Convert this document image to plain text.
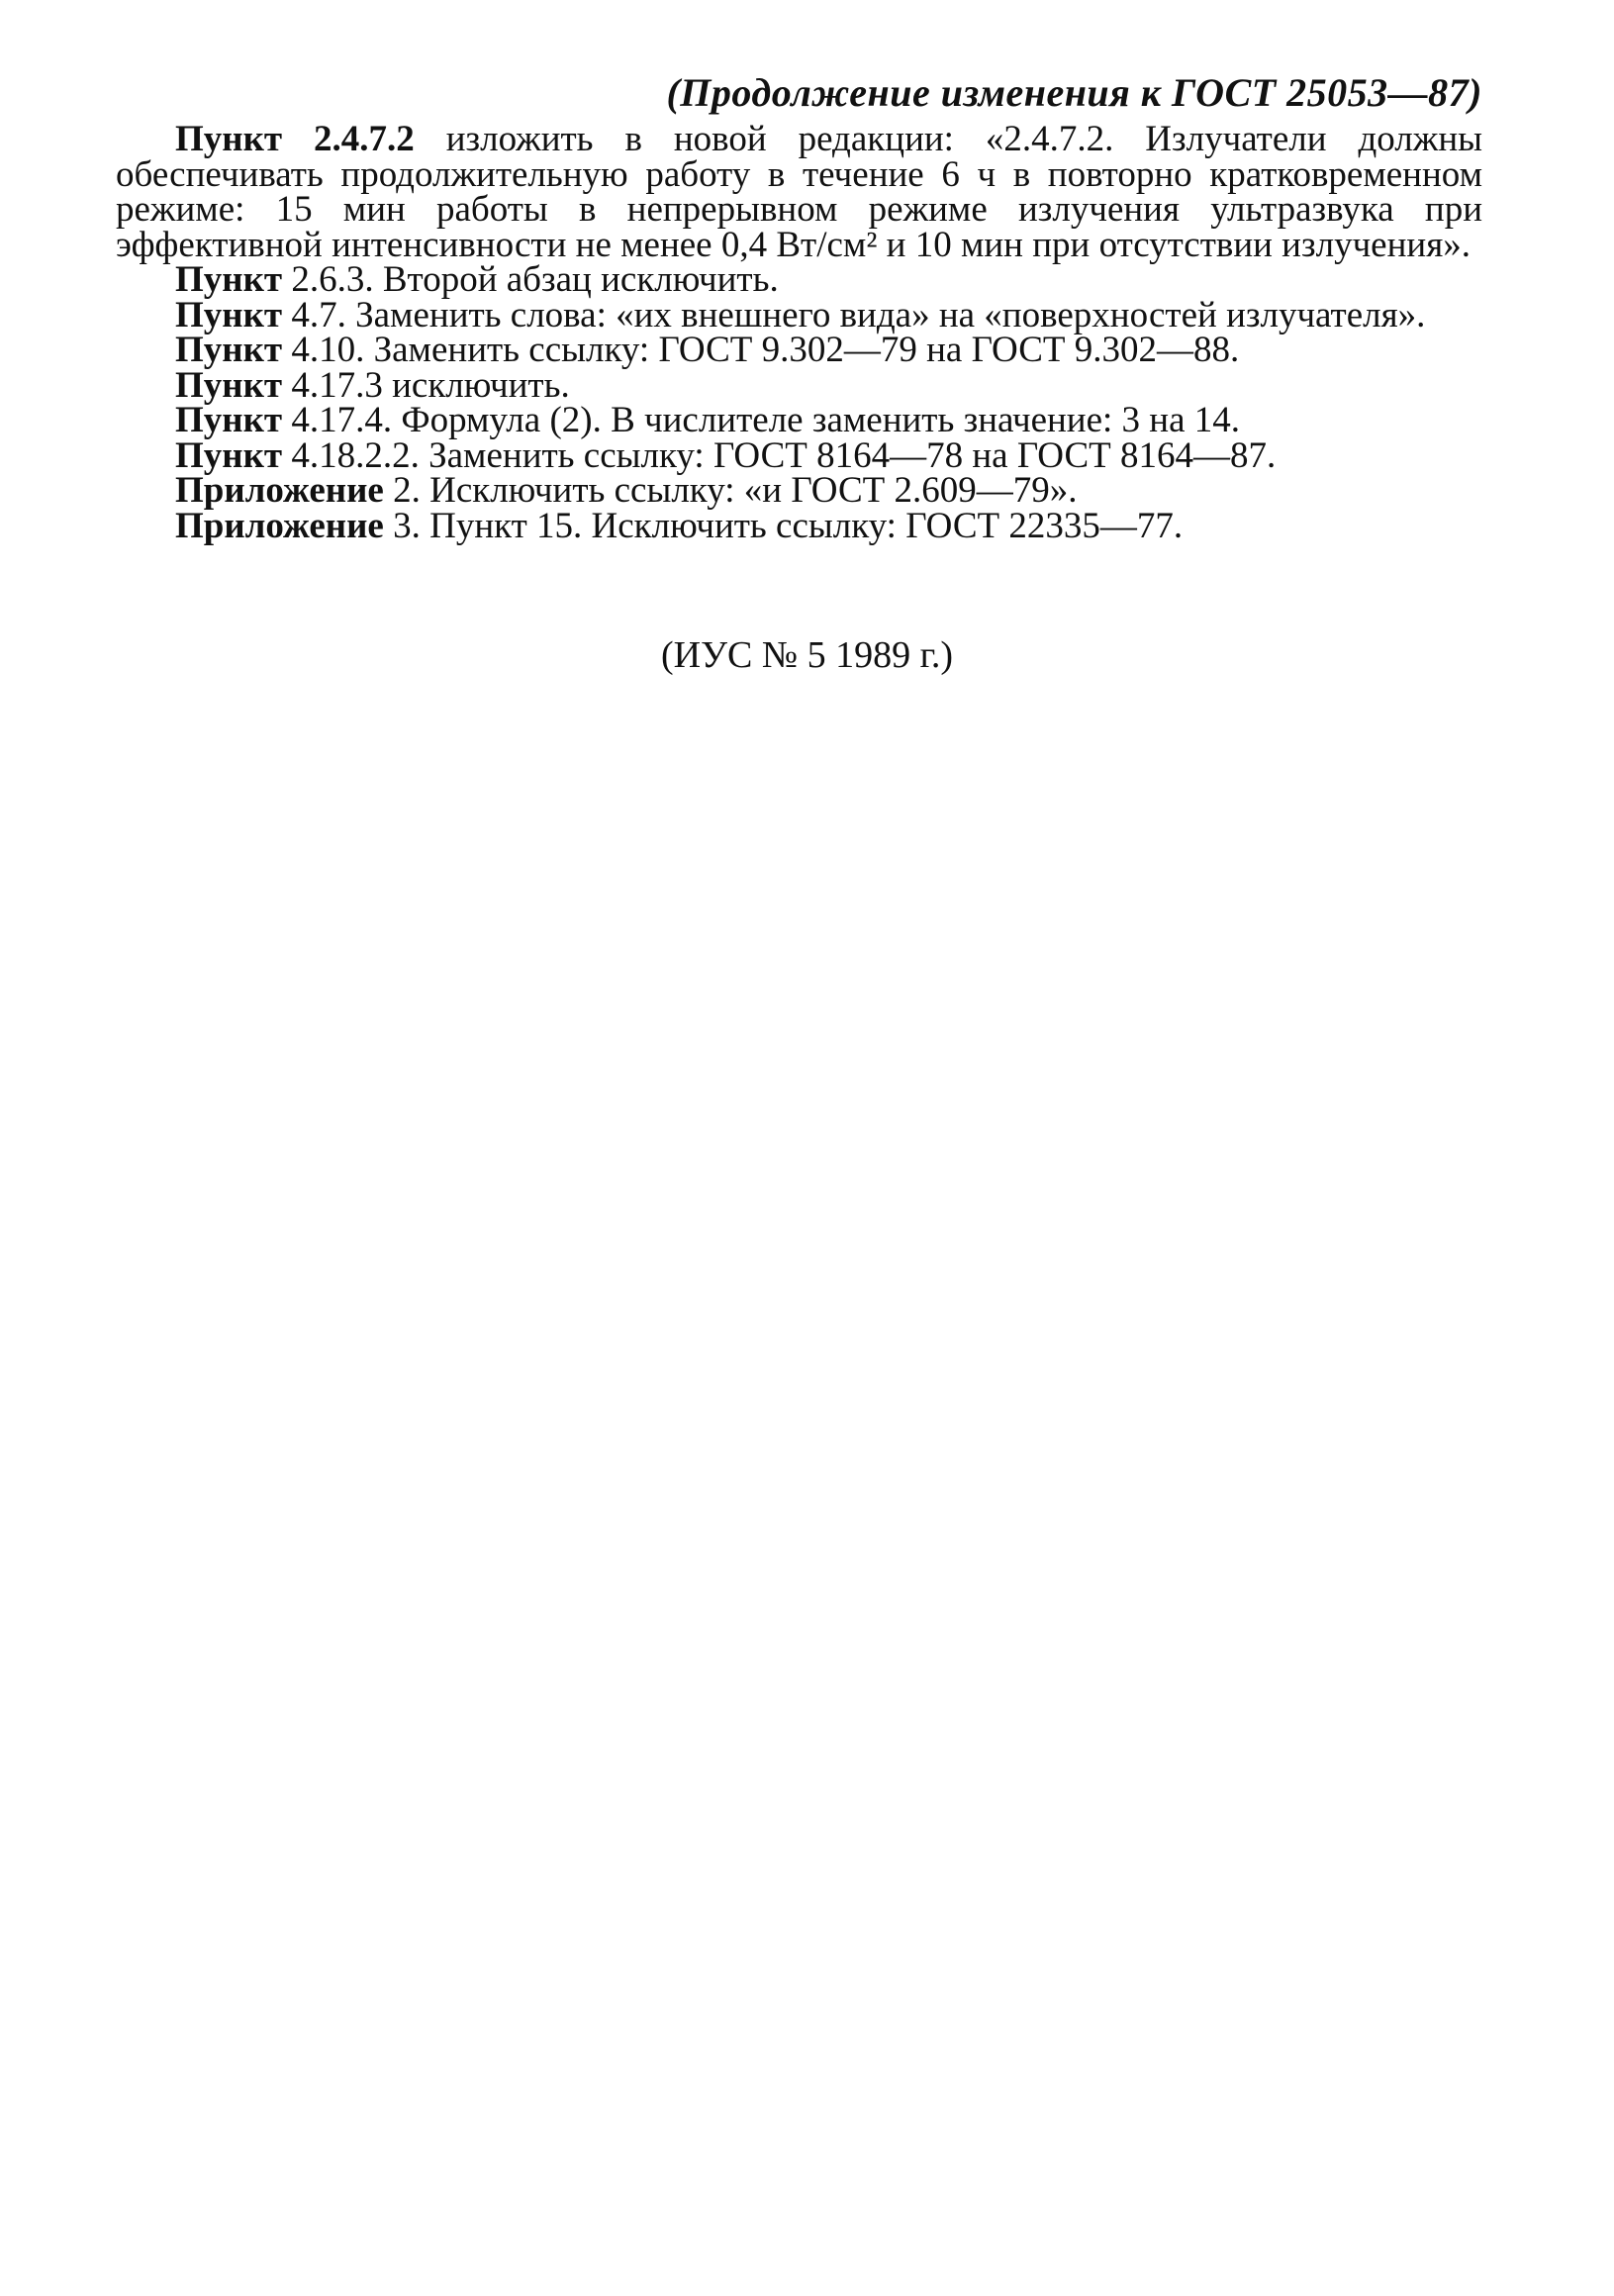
(Продолжение изменения к ГОСТ 25053—87)

Пункт 2.4.7.2 изложить в новой редакции: «2.4.7.2. Излучатели должны обеспечивать продолжительную работу в течение 6 ч в повторно кратковременном режиме: 15 мин работы в непрерывном режиме излучения ультразвука при эффективной интенсивности не менее 0,4 Вт/см² и 10 мин при отсутствии излучения».

Пункт 2.6.3. Второй абзац исключить.

Пункт 4.7. Заменить слова: «их внешнего вида» на «поверхностей излучателя».

Пункт 4.10. Заменить ссылку: ГОСТ 9.302—79 на ГОСТ 9.302—88.

Пункт 4.17.3 исключить.

Пункт 4.17.4. Формула (2). В числителе заменить значение: 3 на 14.

Пункт 4.18.2.2. Заменить ссылку: ГОСТ 8164—78 на ГОСТ 8164—87.

Приложение 2. Исключить ссылку: «и ГОСТ 2.609—79».

Приложение 3. Пункт 15. Исключить ссылку: ГОСТ 22335—77.

(ИУС № 5 1989 г.)
